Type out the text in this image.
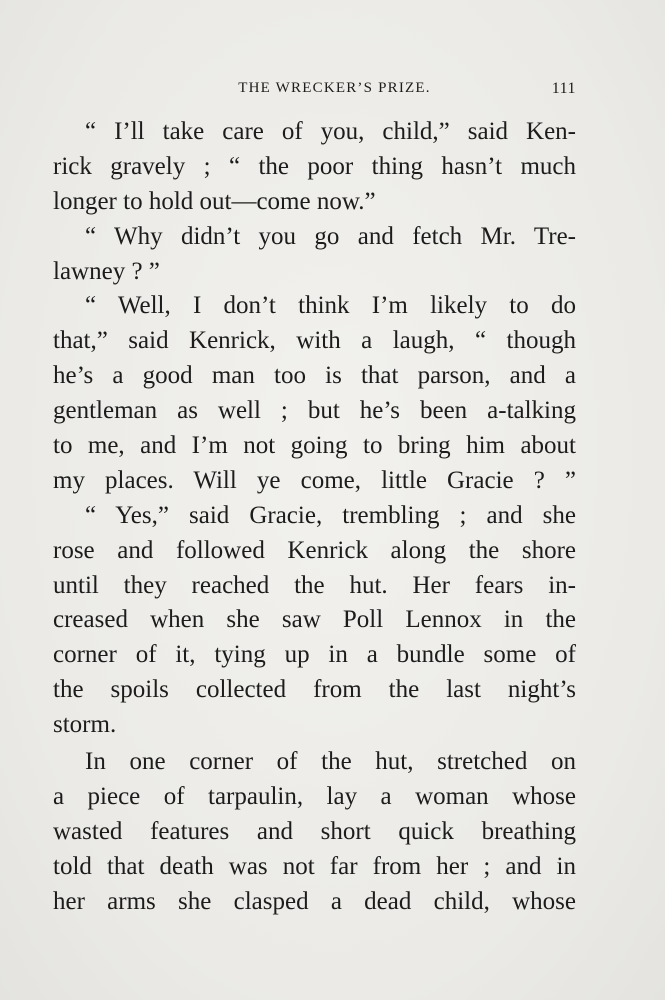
THE WRECKER’S PRIZE.	111
“ I’ll take care of you, child,” said Ken-
rick gravely ; “ the poor thing hasn’t much
longer to hold out—come now.”
“ Why didn’t you go and fetch Mr. Tre-
lawney ? ”
“ Well, I don’t think I’m likely to do
that,” said Kenrick, with a laugh, “ though
he’s a good man too is that parson, and a
gentleman as well ; but he’s been a-talking
to me, and I’m not going to bring him about
my places. Will ye come, little Gracie ? ”
“ Yes,” said Gracie, trembling ; and she
rose and followed Kenrick along the shore
until they reached the hut. Her fears in-
creased when she saw Poll Lennox in the
corner of it, tying up in a bundle some of
the spoils collected from the last night’s
storm.
In one corner of the hut, stretched on
a piece of tarpaulin, lay a woman whose
wasted features and short quick breathing
told that death was not far from her ; and in
her arms she clasped a dead child, whose
